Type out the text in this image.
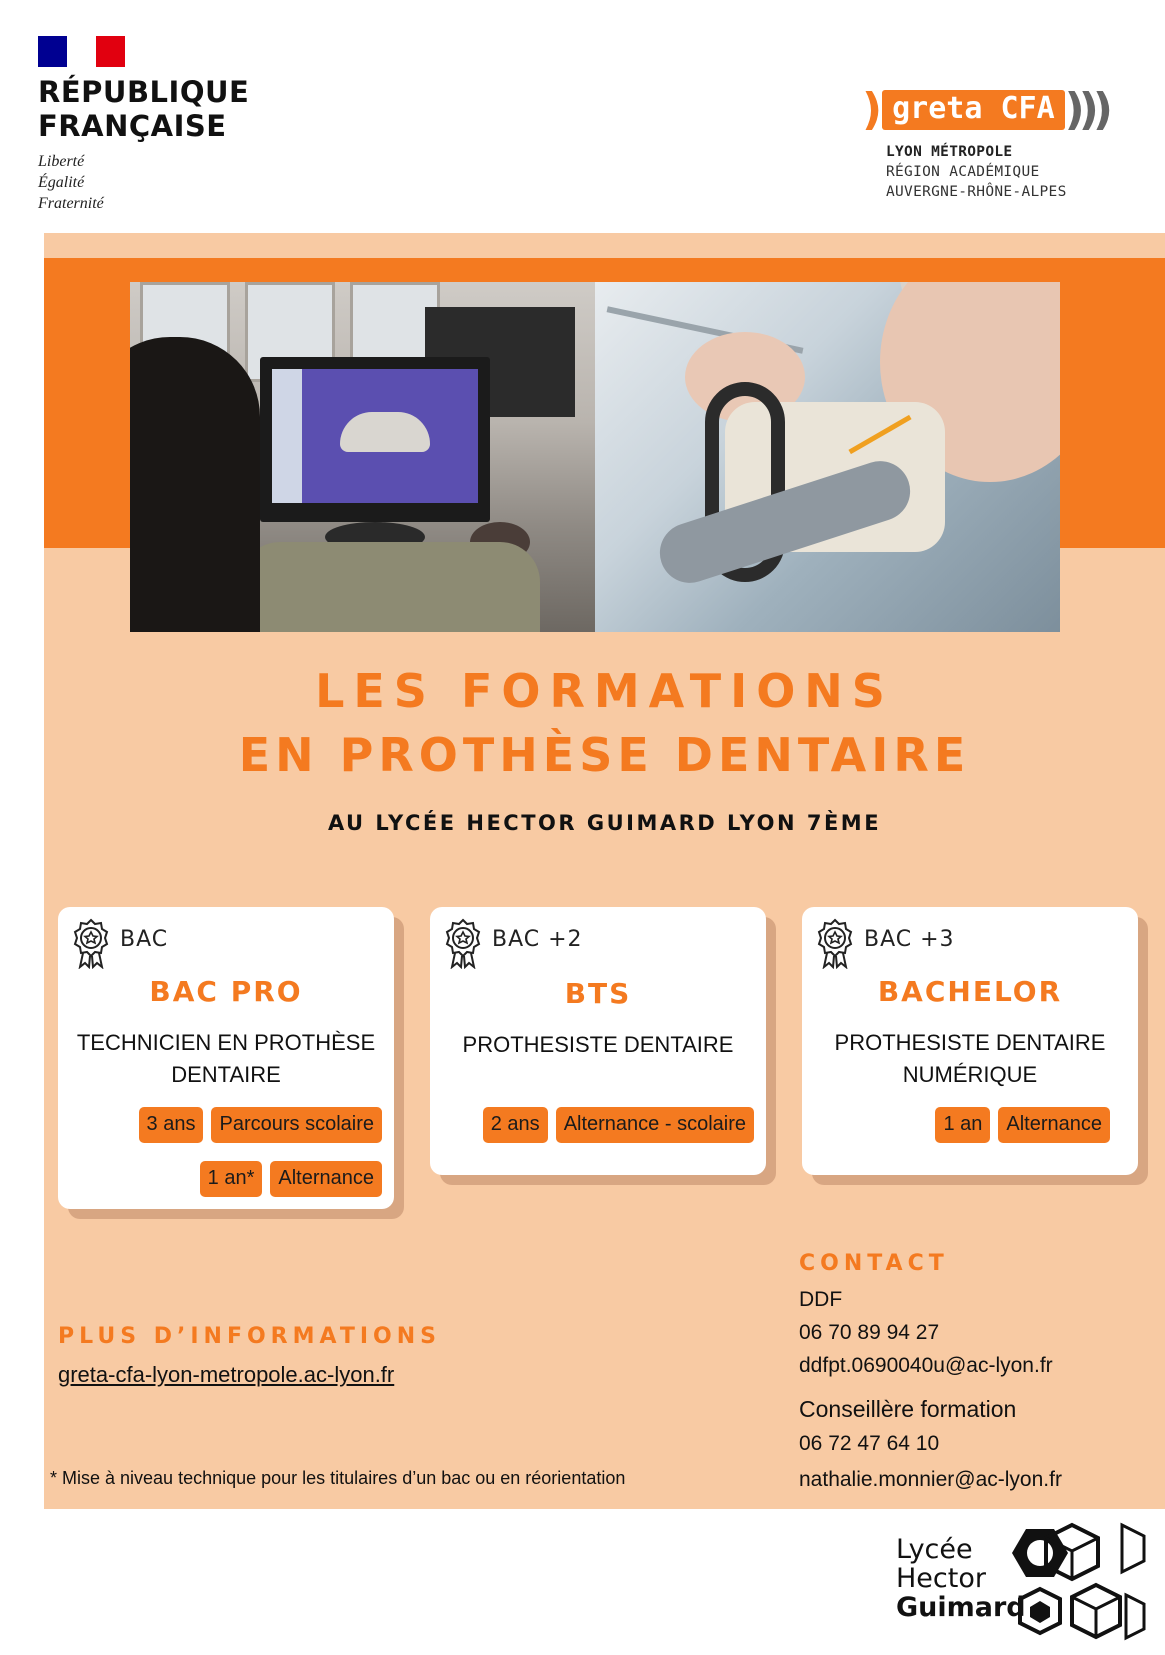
RÉPUBLIQUE
FRANÇAISE
Liberté
Égalité
Fraternité
) greta CFA )))
LYON MÉTROPOLE
RÉGION ACADÉMIQUE
AUVERGNE-RHÔNE-ALPES
LES FORMATIONS
EN PROTHÈSE DENTAIRE
AU LYCÉE HECTOR GUIMARD LYON 7ÈME
BAC
BAC PRO
TECHNICIEN EN PROTHÈSE
DENTAIRE
3 ans	Parcours scolaire
1 an*	Alternance
BAC +2
BTS
PROTHESISTE DENTAIRE
2 ans	Alternance - scolaire
BAC +3
BACHELOR
PROTHESISTE DENTAIRE
NUMÉRIQUE
1 an	Alternance
PLUS D’INFORMATIONS
greta-cfa-lyon-metropole.ac-lyon.fr
* Mise à niveau technique pour les titulaires d’un bac ou en réorientation
CONTACT
DDF
06 70 89 94 27
ddfpt.0690040u@ac-lyon.fr
Conseillère formation
06 72 47 64 10
nathalie.monnier@ac-lyon.fr
Lycée
Hector
Guimard
